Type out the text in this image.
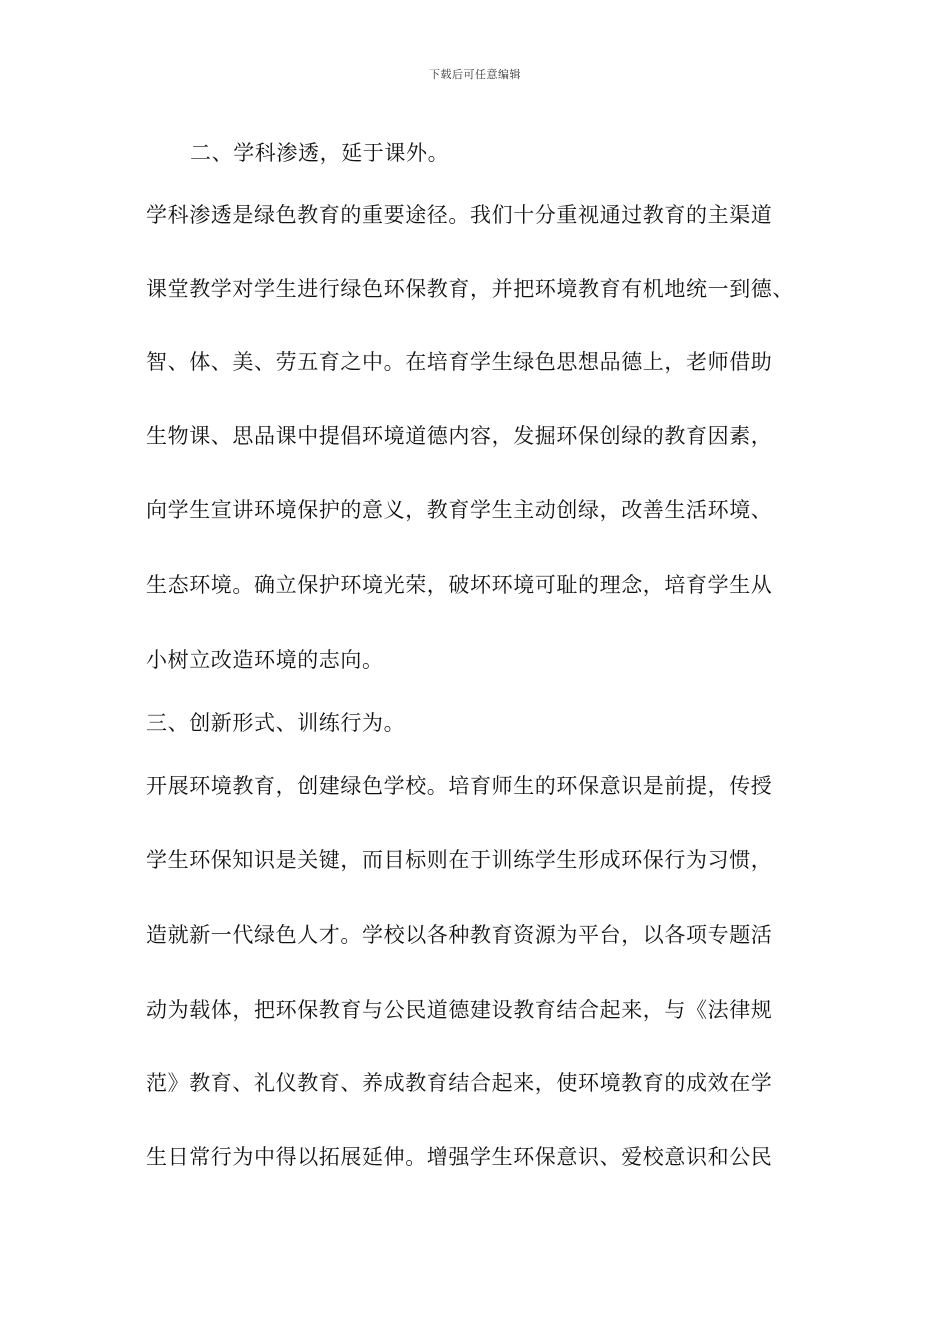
下载后可任意编辑
二、学科渗透，延于课外。
学科渗透是绿色教育的重要途径。我们十分重视通过教育的主渠道
课堂教学对学生进行绿色环保教育，并把环境教育有机地统一到德、
智、体、美、劳五育之中。在培育学生绿色思想品德上，老师借助
生物课、思品课中提倡环境道德内容，发掘环保创绿的教育因素，
向学生宣讲环境保护的意义，教育学生主动创绿，改善生活环境、
生态环境。确立保护环境光荣，破坏环境可耻的理念，培育学生从
小树立改造环境的志向。
三、创新形式、训练行为。
开展环境教育，创建绿色学校。培育师生的环保意识是前提，传授
学生环保知识是关键，而目标则在于训练学生形成环保行为习惯，
造就新一代绿色人才。学校以各种教育资源为平台，以各项专题活
动为载体，把环保教育与公民道德建设教育结合起来，与《法律规
范》教育、礼仪教育、养成教育结合起来，使环境教育的成效在学
生日常行为中得以拓展延伸。增强学生环保意识、爱校意识和公民
